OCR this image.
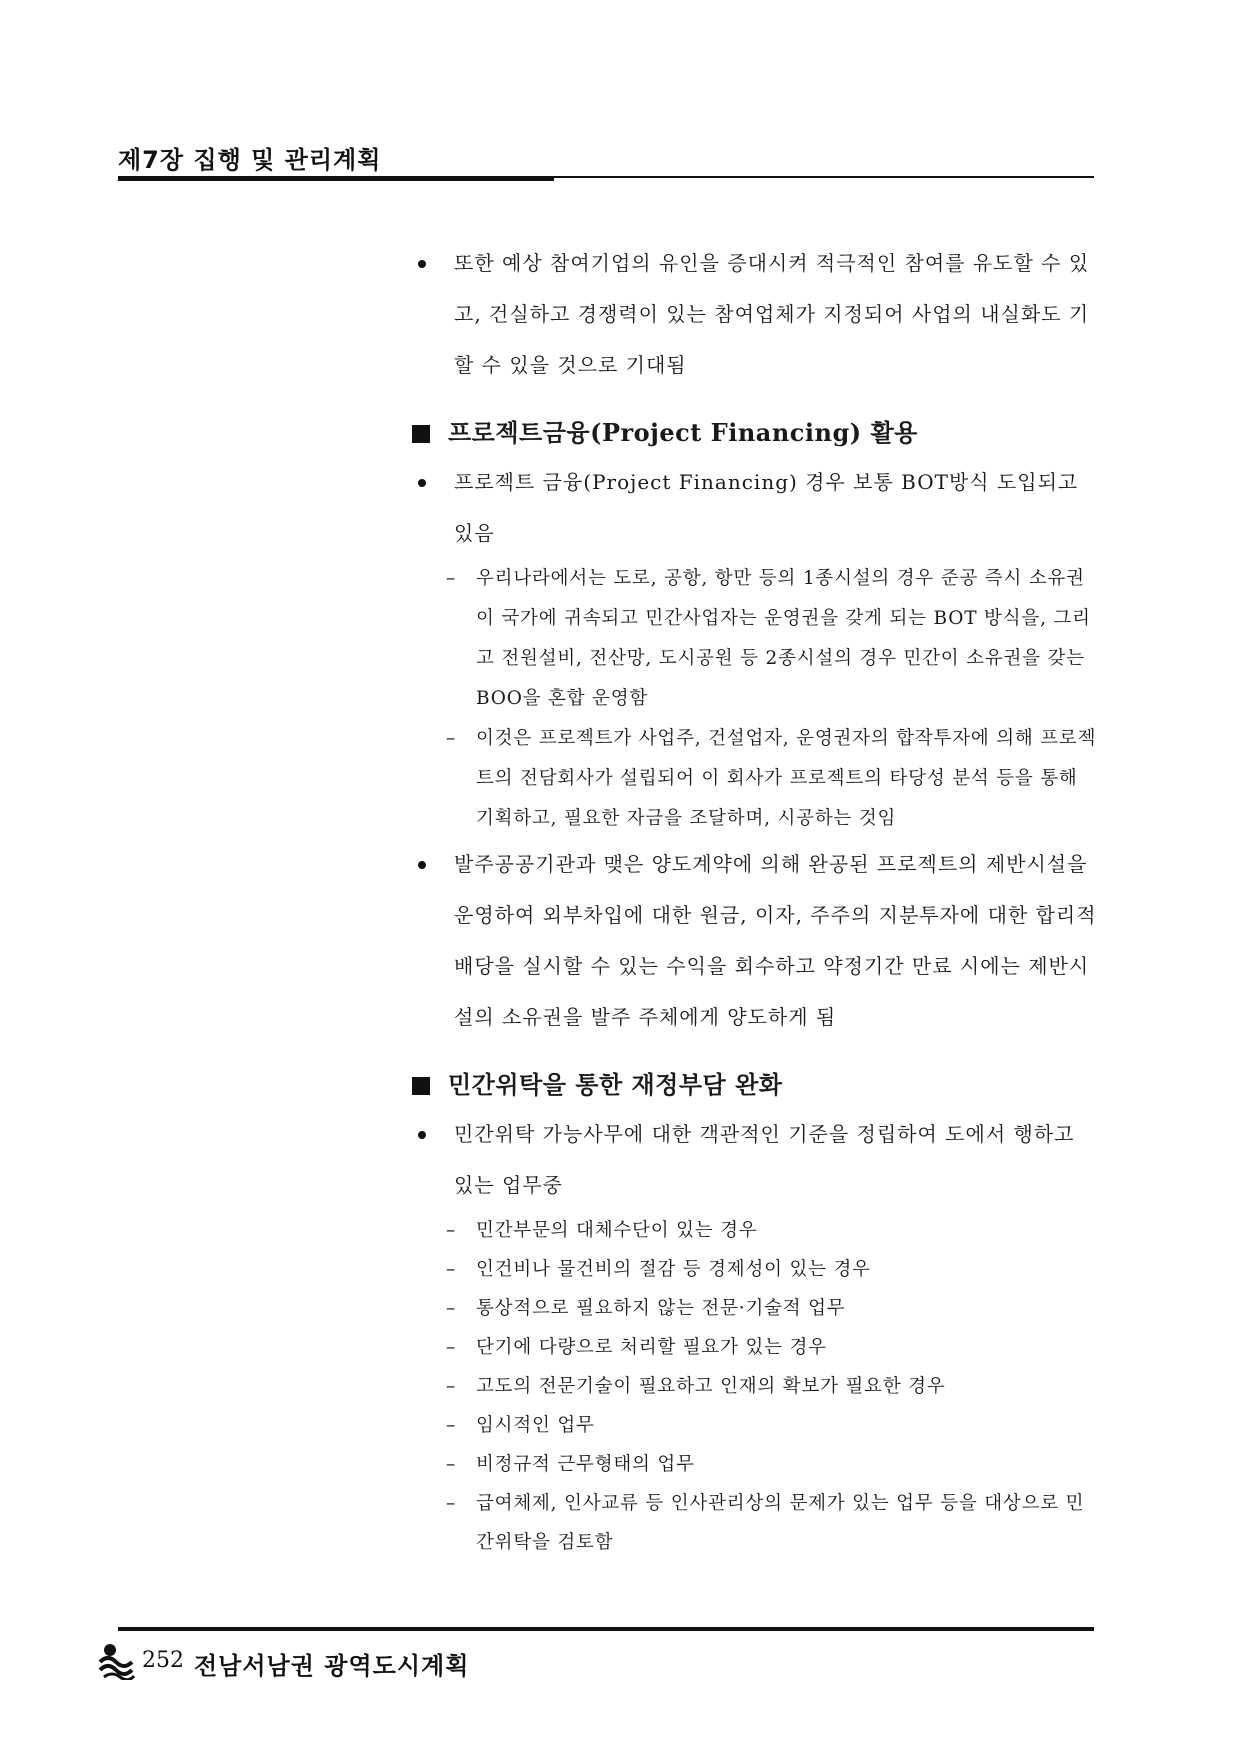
제7장 집행 및 관리계획
또한 예상 참여기업의 유인을 증대시켜 적극적인 참여를 유도할 수 있고, 건실하고 경쟁력이 있는 참여업체가 지정되어 사업의 내실화도 기할 수 있을 것으로 기대됨
프로젝트금융(Project Financing) 활용
프로젝트 금융(Project Financing) 경우 보통 BOT방식 도입되고 있음
– 우리나라에서는 도로, 공항, 항만 등의 1종시설의 경우 준공 즉시 소유권이 국가에 귀속되고 민간사업자는 운영권을 갖게 되는 BOT 방식을, 그리고 전원설비, 전산망, 도시공원 등 2종시설의 경우 민간이 소유권을 갖는 BOO을 혼합 운영함
– 이것은 프로젝트가 사업주, 건설업자, 운영권자의 합작투자에 의해 프로젝트의 전담회사가 설립되어 이 회사가 프로젝트의 타당성 분석 등을 통해 기획하고, 필요한 자금을 조달하며, 시공하는 것임
발주공공기관과 맺은 양도계약에 의해 완공된 프로젝트의 제반시설을 운영하여 외부차입에 대한 원금, 이자, 주주의 지분투자에 대한 합리적 배당을 실시할 수 있는 수익을 회수하고 약정기간 만료 시에는 제반시설의 소유권을 발주 주체에게 양도하게 됨
민간위탁을 통한 재정부담 완화
민간위탁 가능사무에 대한 객관적인 기준을 정립하여 도에서 행하고 있는 업무중
– 민간부문의 대체수단이 있는 경우
– 인건비나 물건비의 절감 등 경제성이 있는 경우
– 통상적으로 필요하지 않는 전문·기술적 업무
– 단기에 다량으로 처리할 필요가 있는 경우
– 고도의 전문기술이 필요하고 인재의 확보가 필요한 경우
– 임시적인 업무
– 비정규적 근무형태의 업무
– 급여체제, 인사교류 등 인사관리상의 문제가 있는 업무 등을 대상으로 민간위탁을 검토함
252 전남서남권 광역도시계획
